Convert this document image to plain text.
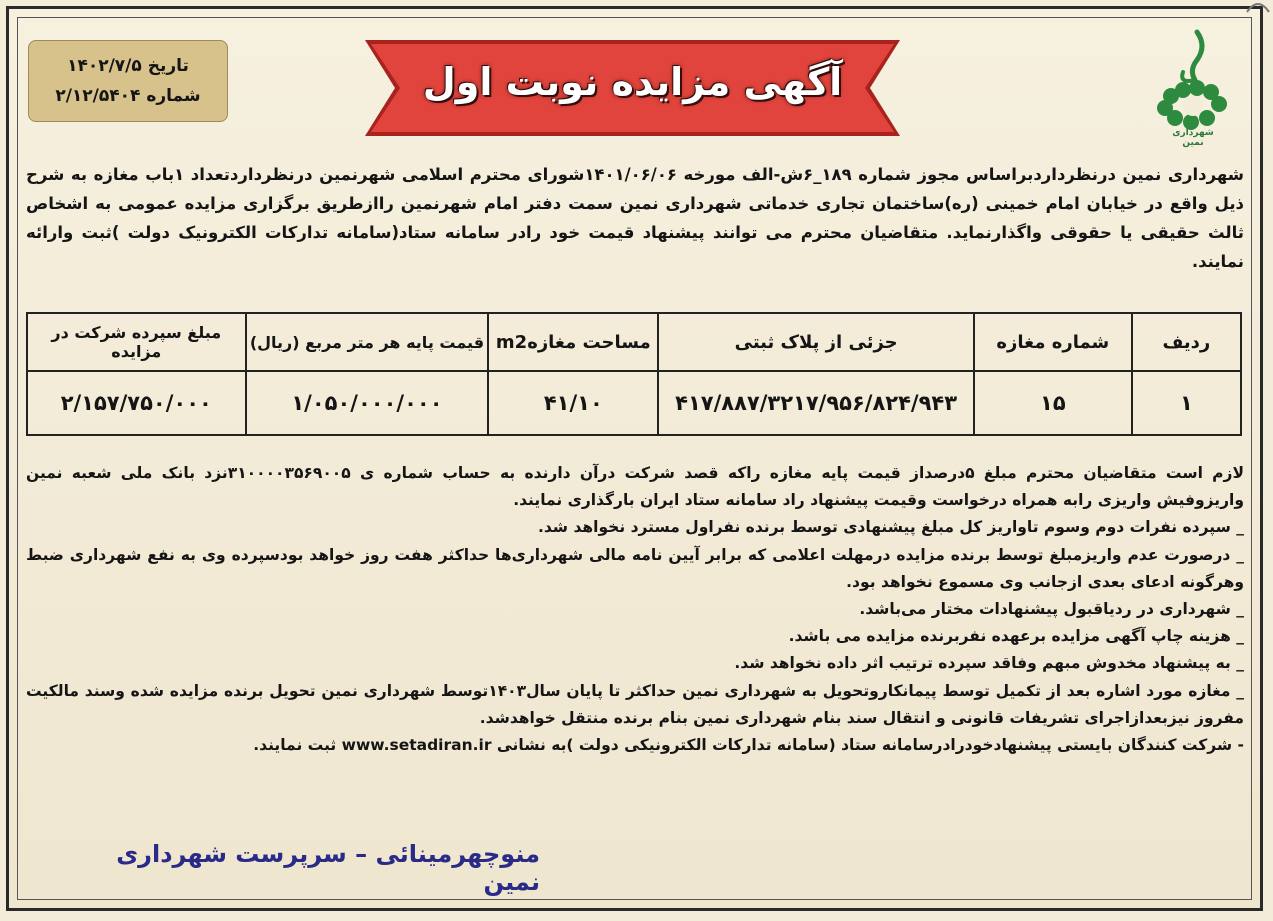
شهرداری نمین
آگهی مزایده نوبت اول
تاریخ ۱۴۰۲/۷/۵
شماره ۲/۱۲/۵۴۰۴
شهرداری نمین درنظرداردبراساس مجوز شماره ۱۸۹_۶ش-الف مورخه ۱۴۰۱/۰۶/۰۶شورای محترم اسلامی شهرنمین درنظرداردتعداد ۱باب مغازه به شرح ذیل واقع در خیابان امام خمینی (ره)ساختمان تجاری خدماتی شهرداری نمین سمت دفتر امام شهرنمین راازطریق برگزاری مزایده عمومی به اشخاص ثالث حقیقی یا حقوقی واگذارنماید. متقاضیان محترم می توانند پیشنهاد قیمت خود رادر سامانه ستاد(سامانه تدارکات الکترونیک دولت )ثبت وارائه نمایند.
ردیف	شماره مغازه	جزئی از پلاک ثبتی	مساحت مغازهm2	قیمت پایه هر متر مربع (ریال)	مبلغ سپرده شرکت در مزایده
۱	۱۵	۴۱۷/۸۸۷/۳۲۱۷/۹۵۶/۸۲۴/۹۴۳	۴۱/۱۰	۱/۰۵۰/۰۰۰/۰۰۰	۲/۱۵۷/۷۵۰/۰۰۰

لازم است متقاضیان محترم مبلغ ۵درصداز قیمت پایه مغازه راکه قصد شرکت درآن دارنده به حساب شماره ی ۳۱۰۰۰۰۳۵۶۹۰۰۵نزد بانک ملی شعبه نمین واریزوفیش واریزی رابه همراه درخواست وقیمت پیشنهاد راد سامانه ستاد ایران بارگذاری نمایند.

_ سپرده نفرات دوم وسوم تاواریز کل مبلغ پیشنهادی توسط برنده نفراول مسترد نخواهد شد.

_ درصورت عدم واریزمبلغ توسط برنده مزایده درمهلت اعلامی که برابر آیین نامه مالی شهرداری‌ها حداکثر هفت روز خواهد بودسپرده وی به نفع شهرداری ضبط وهرگونه ادعای بعدی ازجانب وی مسموع نخواهد بود.

_ شهرداری در ردیاقبول پیشنهادات مختار می‌باشد.

_ هزینه چاپ آگهی مزایده برعهده نفربرنده مزایده می باشد.

_ به پیشنهاد مخدوش مبهم وفاقد سپرده ترتیب اثر داده نخواهد شد.

_ مغازه مورد اشاره بعد از تکمیل توسط پیمانکاروتحویل به شهرداری نمین حداکثر تا پایان سال۱۴۰۳توسط شهرداری نمین تحویل برنده مزایده شده وسند مالکیت مفروز نیزبعدازاجرای تشریفات قانونی و انتقال سند بنام شهرداری نمین بنام برنده منتقل خواهدشد.

- شرکت کنندگان بایستی پیشنهادخودرادرسامانه ستاد (سامانه تدارکات الکترونیکی دولت )به نشانی www.setadiran.ir ثبت نمایند.

منوچهرمینائی – سرپرست شهرداری نمین
